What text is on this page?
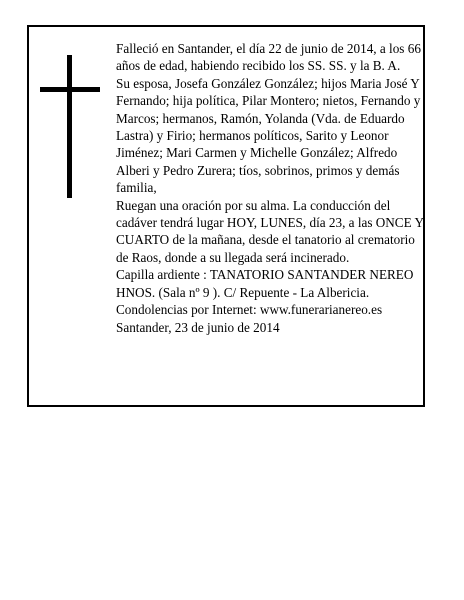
Falleció en Santander, el día 22 de junio de 2014, a los 66 años de edad, habiendo recibido los SS. SS. y la B. A.

Su esposa, Josefa González González; hijos Maria José Y Fernando; hija política, Pilar Montero; nietos, Fernando y Marcos; hermanos, Ramón, Yolanda (Vda. de Eduardo Lastra) y Firio; hermanos políticos, Sarito y Leonor Jiménez; Mari Carmen y Michelle González; Alfredo Alberi y Pedro Zurera; tíos, sobrinos, primos y demás familia,

Ruegan una oración por su alma. La conducción del cadáver tendrá lugar HOY, LUNES, día 23, a las ONCE Y CUARTO de la mañana, desde el tanatorio al crematorio de Raos, donde a su llegada será incinerado.

Capilla ardiente : TANATORIO SANTANDER NEREO HNOS. (Sala nº 9 ). C/ Repuente - La Albericia.

Condolencias por Internet: www.funerarianereo.es

Santander, 23 de junio de 2014
